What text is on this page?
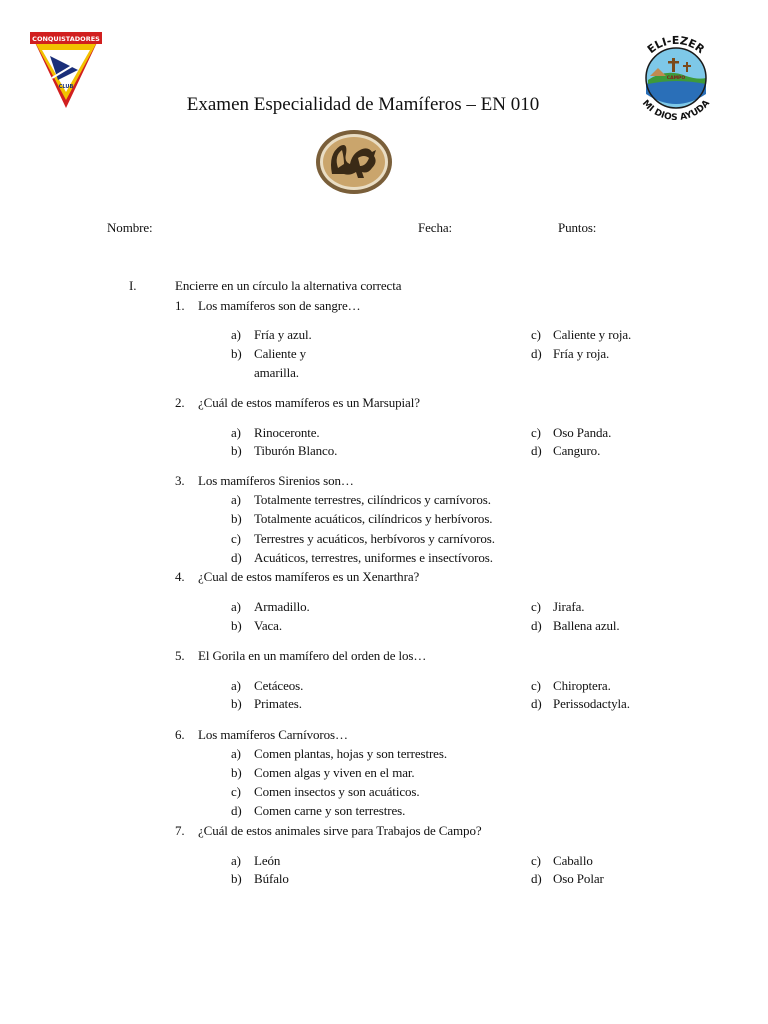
CONQUISTADORES
CLUB
ELI-EZER
MI DIOS AYUDA
CAMPO
Examen Especialidad de Mamíferos – EN 010
Nombre:	Fecha:	Puntos:
I.	Encierre en un círculo la alternativa correcta
1. Los mamíferos son de sangre…
a) Fría y azul.
b) Caliente y amarilla.
c) Caliente y roja.
d) Fría y roja.
2. ¿Cuál de estos mamíferos es un Marsupial?
a) Rinoceronte.
b) Tiburón Blanco.
c) Oso Panda.
d) Canguro.
3. Los mamíferos Sirenios son…
a) Totalmente terrestres, cilíndricos y carnívoros.
b) Totalmente acuáticos, cilíndricos y herbívoros.
c) Terrestres y acuáticos, herbívoros y carnívoros.
d) Acuáticos, terrestres, uniformes e insectívoros.
4. ¿Cual de estos mamíferos es un Xenarthra?
a) Armadillo.
b) Vaca.
c) Jirafa.
d) Ballena azul.
5. El Gorila en un mamífero del orden de los…
a) Cetáceos.
b) Primates.
c) Chiroptera.
d) Perissodactyla.
6. Los mamíferos Carnívoros…
a) Comen plantas, hojas y son terrestres.
b) Comen algas y viven en el mar.
c) Comen insectos y son acuáticos.
d) Comen carne y son terrestres.
7. ¿Cuál de estos animales sirve para Trabajos de Campo?
a) León
b) Búfalo
c) Caballo
d) Oso Polar
